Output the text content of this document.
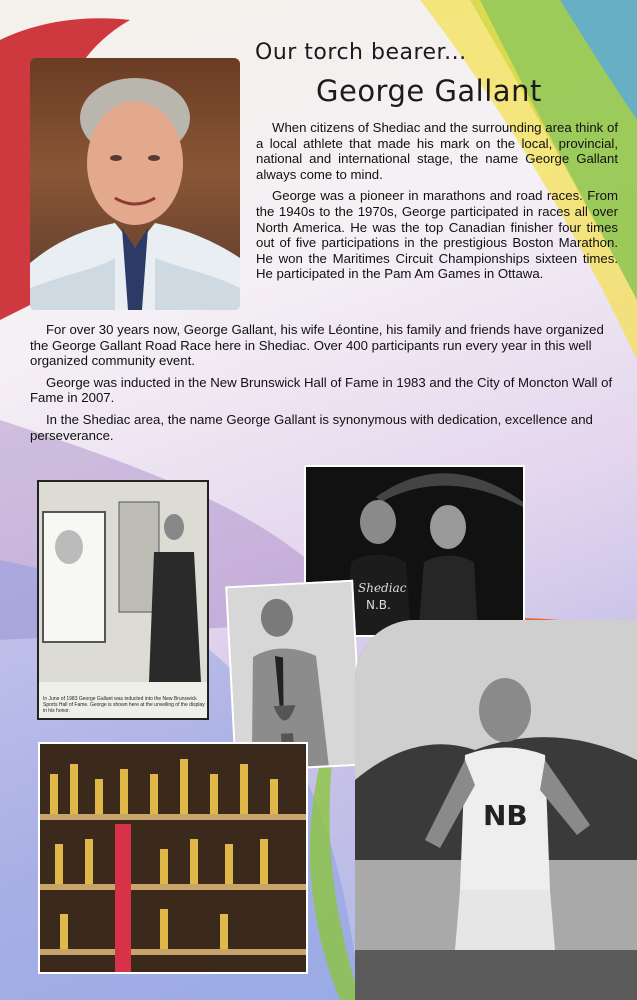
Our torch bearer...
George Gallant

When citizens of Shediac and the surrounding area think of a local athlete that made his mark on the local, provincial, national and international stage, the name George Gallant always come to mind.

George was a pioneer in marathons and road races. From the 1940s to the 1970s, George participated in races all over North America. He was the top Canadian finisher four times out of five participations in the prestigious Boston Marathon. He won the Maritimes Circuit Championships sixteen times. He participated in the Pam Am Games in Ottawa.

For over 30 years now, George Gallant, his wife Léontine, his family and friends have organized the George Gallant Road Race here in Shediac. Over 400 participants run every year in this well organized community event.

George was inducted in the New Brunswick Hall of Fame in 1983 and the City of Moncton Wall of Fame in 2007.

In the Shediac area, the name George Gallant is synonymous with dedication, excellence and perseverance.

In June of 1983 George Gallant was inducted into the New Brunswick Sports Hall of Fame. George is shown here at the unveiling of the display in his honor.
Shediac
N.B.
NB
